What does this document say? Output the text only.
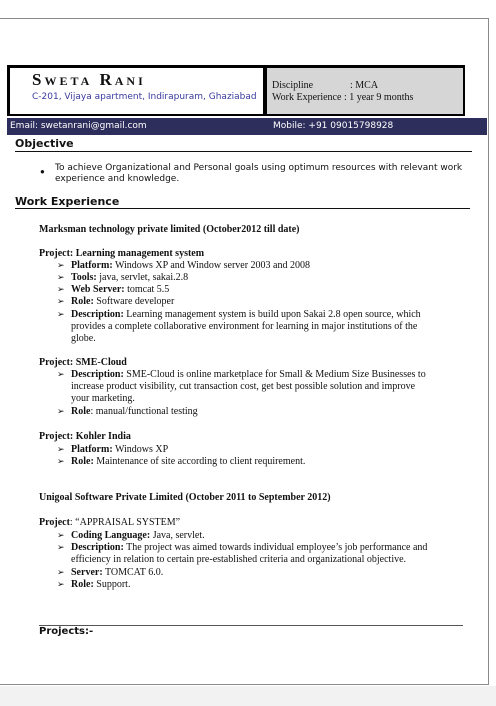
Sweta Rani
C-201, Vijaya apartment, Indirapuram, Ghaziabad
Discipline	: MCA
Work Experience : 1 year 9 months
Email: swetanrani@gmail.com	Mobile: +91 09015798928
Objective
● To achieve Organizational and Personal goals using optimum resources with relevant work experience and knowledge.
Work Experience
Marksman technology private limited (October2012 till date)
Project: Learning management system
➢ Platform: Windows XP and Window server 2003 and 2008
➢ Tools: java, servlet, sakai.2.8
➢ Web Server: tomcat 5.5
➢ Role: Software developer
➢ Description: Learning management system is build upon Sakai 2.8 open source, which
provides a complete collaborative environment for learning in major institutions of the
globe.
Project: SME-Cloud
➢ Description: SME-Cloud is online marketplace for Small & Medium Size Businesses to
increase product visibility, cut transaction cost, get best possible solution and improve
your marketing.
➢ Role: manual/functional testing
Project: Kohler India
➢ Platform: Windows XP
➢ Role: Maintenance of site according to client requirement.
Unigoal Software Private Limited (October 2011 to September 2012)
Project: “APPRAISAL SYSTEM”
➢ Coding Language: Java, servlet.
➢ Description: The project was aimed towards individual employee’s job performance and
efficiency in relation to certain pre-established criteria and organizational objective.
➢ Server: TOMCAT 6.0.
➢ Role: Support.
Projects:-
